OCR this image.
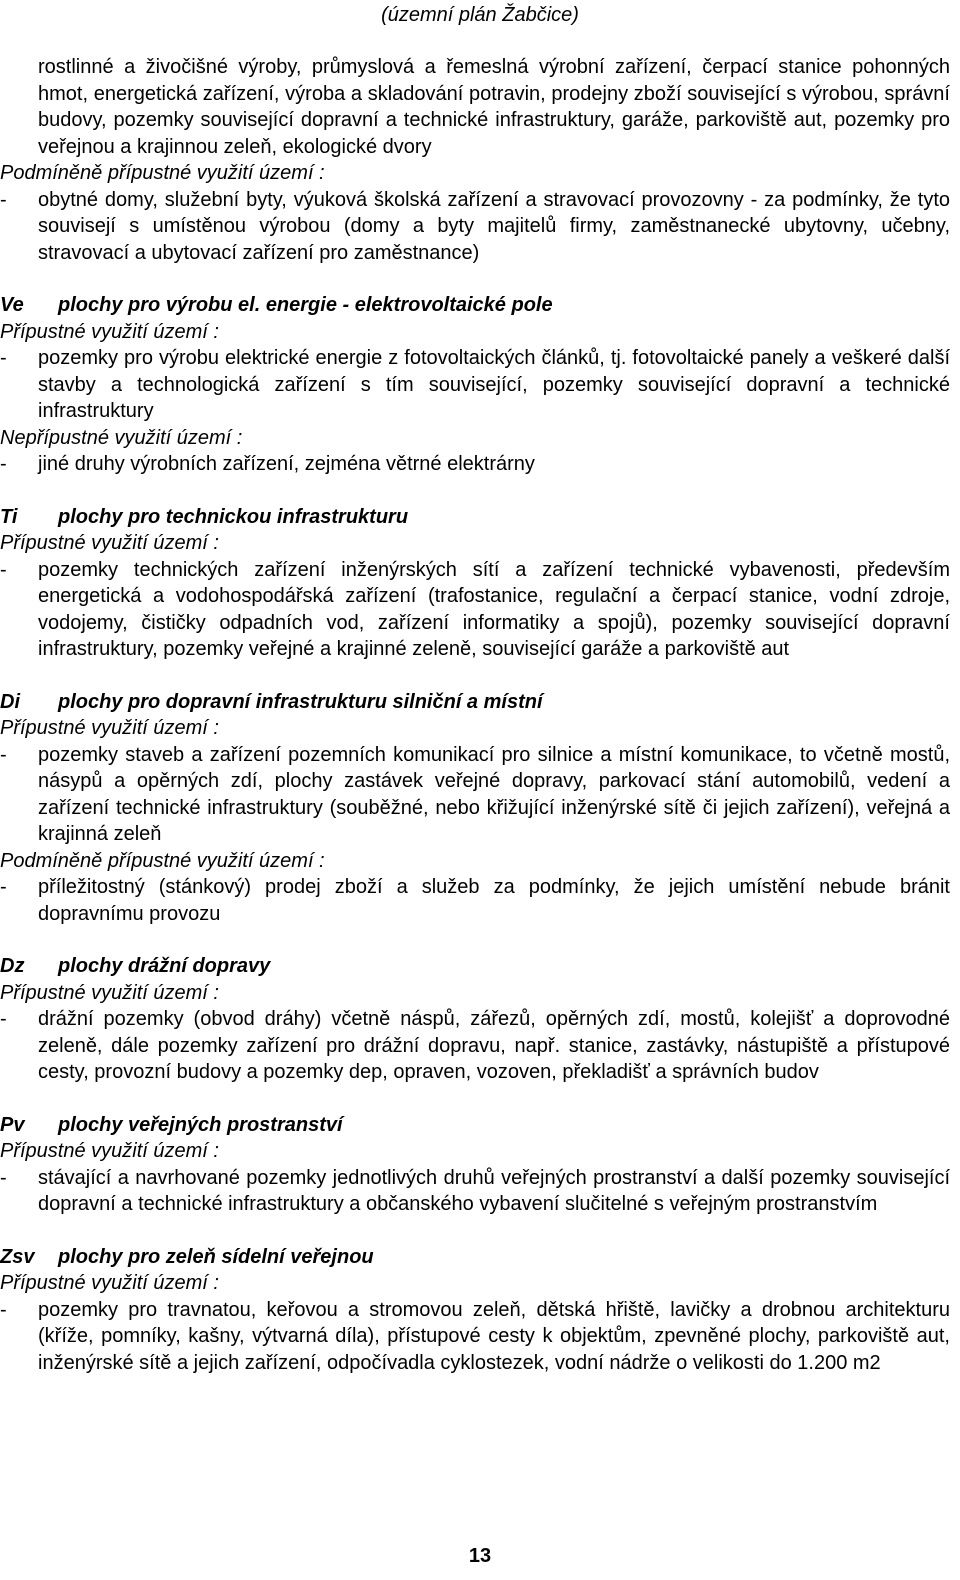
(územní plán Žabčice)

rostlinné a živočišné výroby, průmyslová a řemeslná výrobní zařízení, čerpací stanice pohonných hmot, energetická zařízení, výroba a skladování potravin, prodejny zboží související s výrobou, správní budovy, pozemky související dopravní a technické infrastruktury, garáže, parkoviště aut, pozemky pro veřejnou a krajinnou zeleň, ekologické dvory

Podmíněně přípustné využití území :

- obytné domy, služební byty, výuková školská zařízení a stravovací provozovny - za podmínky, že tyto souvisejí s umístěnou výrobou (domy a byty majitelů firmy, zaměstnanecké ubytovny, učebny, stravovací a ubytovací zařízení pro zaměstnance)
Ve plochy pro výrobu el. energie - elektrovoltaické pole

Přípustné využití území :

- pozemky pro výrobu elektrické energie z fotovoltaických článků, tj. fotovoltaické panely a veškeré další stavby a technologická zařízení s tím související, pozemky související dopravní a technické infrastruktury

Nepřípustné využití území :

- jiné druhy výrobních zařízení, zejména větrné elektrárny
Ti plochy pro technickou infrastrukturu

Přípustné využití území :

- pozemky technických zařízení inženýrských sítí a zařízení technické vybavenosti, především energetická a vodohospodářská zařízení (trafostanice, regulační a čerpací stanice, vodní zdroje, vodojemy, čističky odpadních vod, zařízení informatiky a spojů), pozemky související dopravní infrastruktury, pozemky veřejné a krajinné zeleně, související garáže a parkoviště aut
Di plochy pro dopravní infrastrukturu silniční a místní

Přípustné využití území :

- pozemky staveb a zařízení pozemních komunikací pro silnice a místní komunikace, to včetně mostů, násypů a opěrných zdí, plochy zastávek veřejné dopravy, parkovací stání automobilů, vedení a zařízení technické infrastruktury (souběžné, nebo křižující inženýrské sítě či jejich zařízení), veřejná a krajinná zeleň

Podmíněně přípustné využití území :

- příležitostný (stánkový) prodej zboží a služeb za podmínky, že jejich umístění nebude bránit dopravnímu provozu
Dz plochy drážní dopravy

Přípustné využití území :

- drážní pozemky (obvod dráhy) včetně náspů, zářezů, opěrných zdí, mostů, kolejišť a doprovodné zeleně, dále pozemky zařízení pro drážní dopravu, např. stanice, zastávky, nástupiště a přístupové cesty, provozní budovy a pozemky dep, opraven, vozoven, překladišť a správních budov
Pv plochy veřejných prostranství

Přípustné využití území :

- stávající a navrhované pozemky jednotlivých druhů veřejných prostranství a další pozemky související dopravní a technické infrastruktury a občanského vybavení slučitelné s veřejným prostranstvím
Zsv plochy pro zeleň sídelní veřejnou

Přípustné využití území :

- pozemky pro travnatou, keřovou a stromovou zeleň, dětská hřiště, lavičky a drobnou architekturu (kříže, pomníky, kašny, výtvarná díla), přístupové cesty k objektům, zpevněné plochy, parkoviště aut, inženýrské sítě a jejich zařízení, odpočívadla cyklostezek, vodní nádrže o velikosti do 1.200 m2
13
